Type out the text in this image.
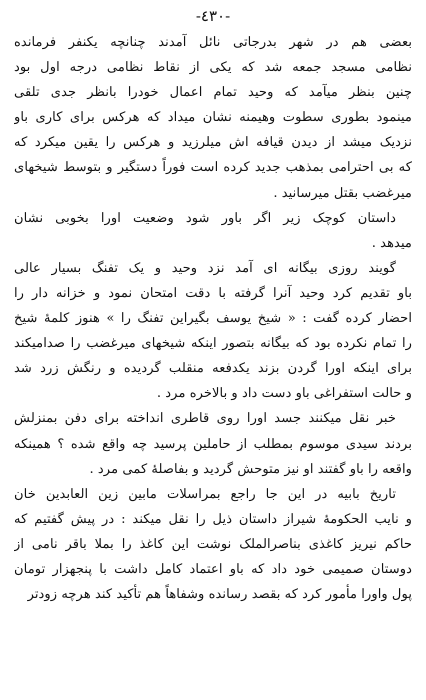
-٤٣٠-
بعضی هم در شهر بدرجاتی نائل آمدند چنانچه یکنفر فرمانده
نظامی مسجد جمعه شد که یکی از نقاط نظامی درجه اول بود
چنین بنظر میآمد که وحید تمام اعمال خودرا بانظر جدی تلقی
مینمود بطوری سطوت وهیمنه نشان میداد که هرکس برای کاری باو
نزدیک میشد از دیدن قیافه اش میلرزید و هرکس را یقین میکرد که
که بی احترامی بمذهب جدید کرده است فوراً دستگیر و بتوسط شیخهای
میرغضب بقتل میرسانید .
داستان کوچک زیر اگر باور شود وضعیت اورا بخوبی نشان
میدهد .
گویند روزی بیگانه ای آمد نزد وحید و یک تفنگ بسیار عالی
باو تقدیم کرد وحید آنرا گرفته با دقت امتحان نمود و خزانه دار را
احضار کرده گفت : « شیخ یوسف بگیراین تفنگ را » هنوز کلمهٔ شیخ
را تمام نکرده بود که بیگانه بتصور اینکه شیخهای میرغضب را صدامیکند
برای اینکه اورا گردن بزند یکدفعه منقلب گردیده و رنگش زرد شد
و حالت استفراغی باو دست داد و بالاخره مرد .
خبر نقل میکنند جسد اورا روی قاطری انداخته برای دفن بمنزلش
بردند سیدی موسوم بمطلب از حاملین پرسید چه واقع شده ؟ همینکه
واقعه را باو گفتند او نیز متوحش گردید و بفاصلهٔ کمی مرد .
تاریخ بابیه در این جا راجع بمراسلات مابین زین العابدین خان
و نایب الحکومهٔ شیراز داستان ذیل را نقل میکند : در پیش گفتیم که
حاکم نیریز کاغذی بناصرالملک نوشت این کاغذ را بملا باقر نامی از
دوستان صمیمی خود داد که باو اعتماد کامل داشت با پنجهزار تومان
پول واورا مأمور کرد که بقصد رسانده وشفاهاً هم تأکید کند هرچه زودتر
